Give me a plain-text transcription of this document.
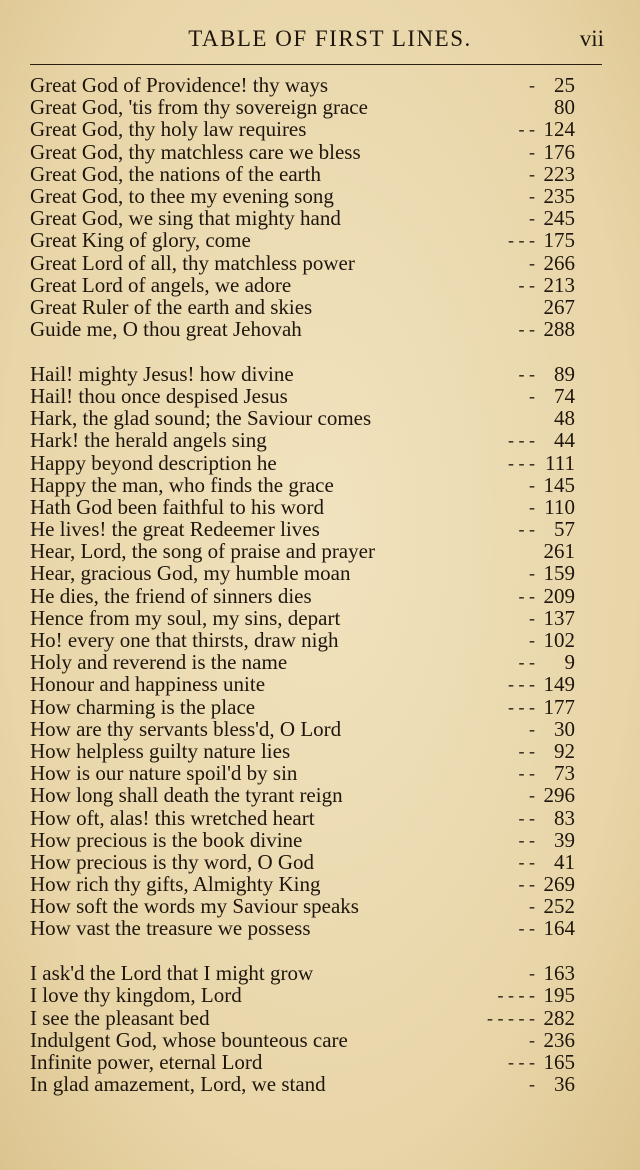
TABLE OF FIRST LINES.	vii
Great God of Providence! thy ways	- 25
Great God, 'tis from thy sovereign grace	80
Great God, thy holy law requires	- - 124
Great God, thy matchless care we bless	- 176
Great God, the nations of the earth	- 223
Great God, to thee my evening song	- 235
Great God, we sing that mighty hand	- 245
Great King of glory, come	- - - 175
Great Lord of all, thy matchless power	- 266
Great Lord of angels, we adore	- - 213
Great Ruler of the earth and skies	267
Guide me, O thou great Jehovah	- - 288
Hail! mighty Jesus! how divine	- - 89
Hail! thou once despised Jesus	- 74
Hark, the glad sound; the Saviour comes	48
Hark! the herald angels sing	- - - 44
Happy beyond description he	- - - 111
Happy the man, who finds the grace	- 145
Hath God been faithful to his word	- 110
He lives! the great Redeemer lives	- - 57
Hear, Lord, the song of praise and prayer	261
Hear, gracious God, my humble moan	- 159
He dies, the friend of sinners dies	- - 209
Hence from my soul, my sins, depart	- 137
Ho! every one that thirsts, draw nigh	- 102
Holy and reverend is the name	- -	9
Honour and happiness unite	- - - 149
How charming is the place	- - - 177
How are thy servants bless'd, O Lord	- 30
How helpless guilty nature lies	- - 92
How is our nature spoil'd by sin	- - 73
How long shall death the tyrant reign	- 296
How oft, alas! this wretched heart	- - 83
How precious is the book divine	- - 39
How precious is thy word, O God	- - 41
How rich thy gifts, Almighty King	- - 269
How soft the words my Saviour speaks	- 252
How vast the treasure we possess	- - 164
I ask'd the Lord that I might grow	- 163
I love thy kingdom, Lord	- - - - 195
I see the pleasant bed	- - - - - 282
Indulgent God, whose bounteous care	- 236
Infinite power, eternal Lord	- - - 165
In glad amazement, Lord, we stand	- 36
